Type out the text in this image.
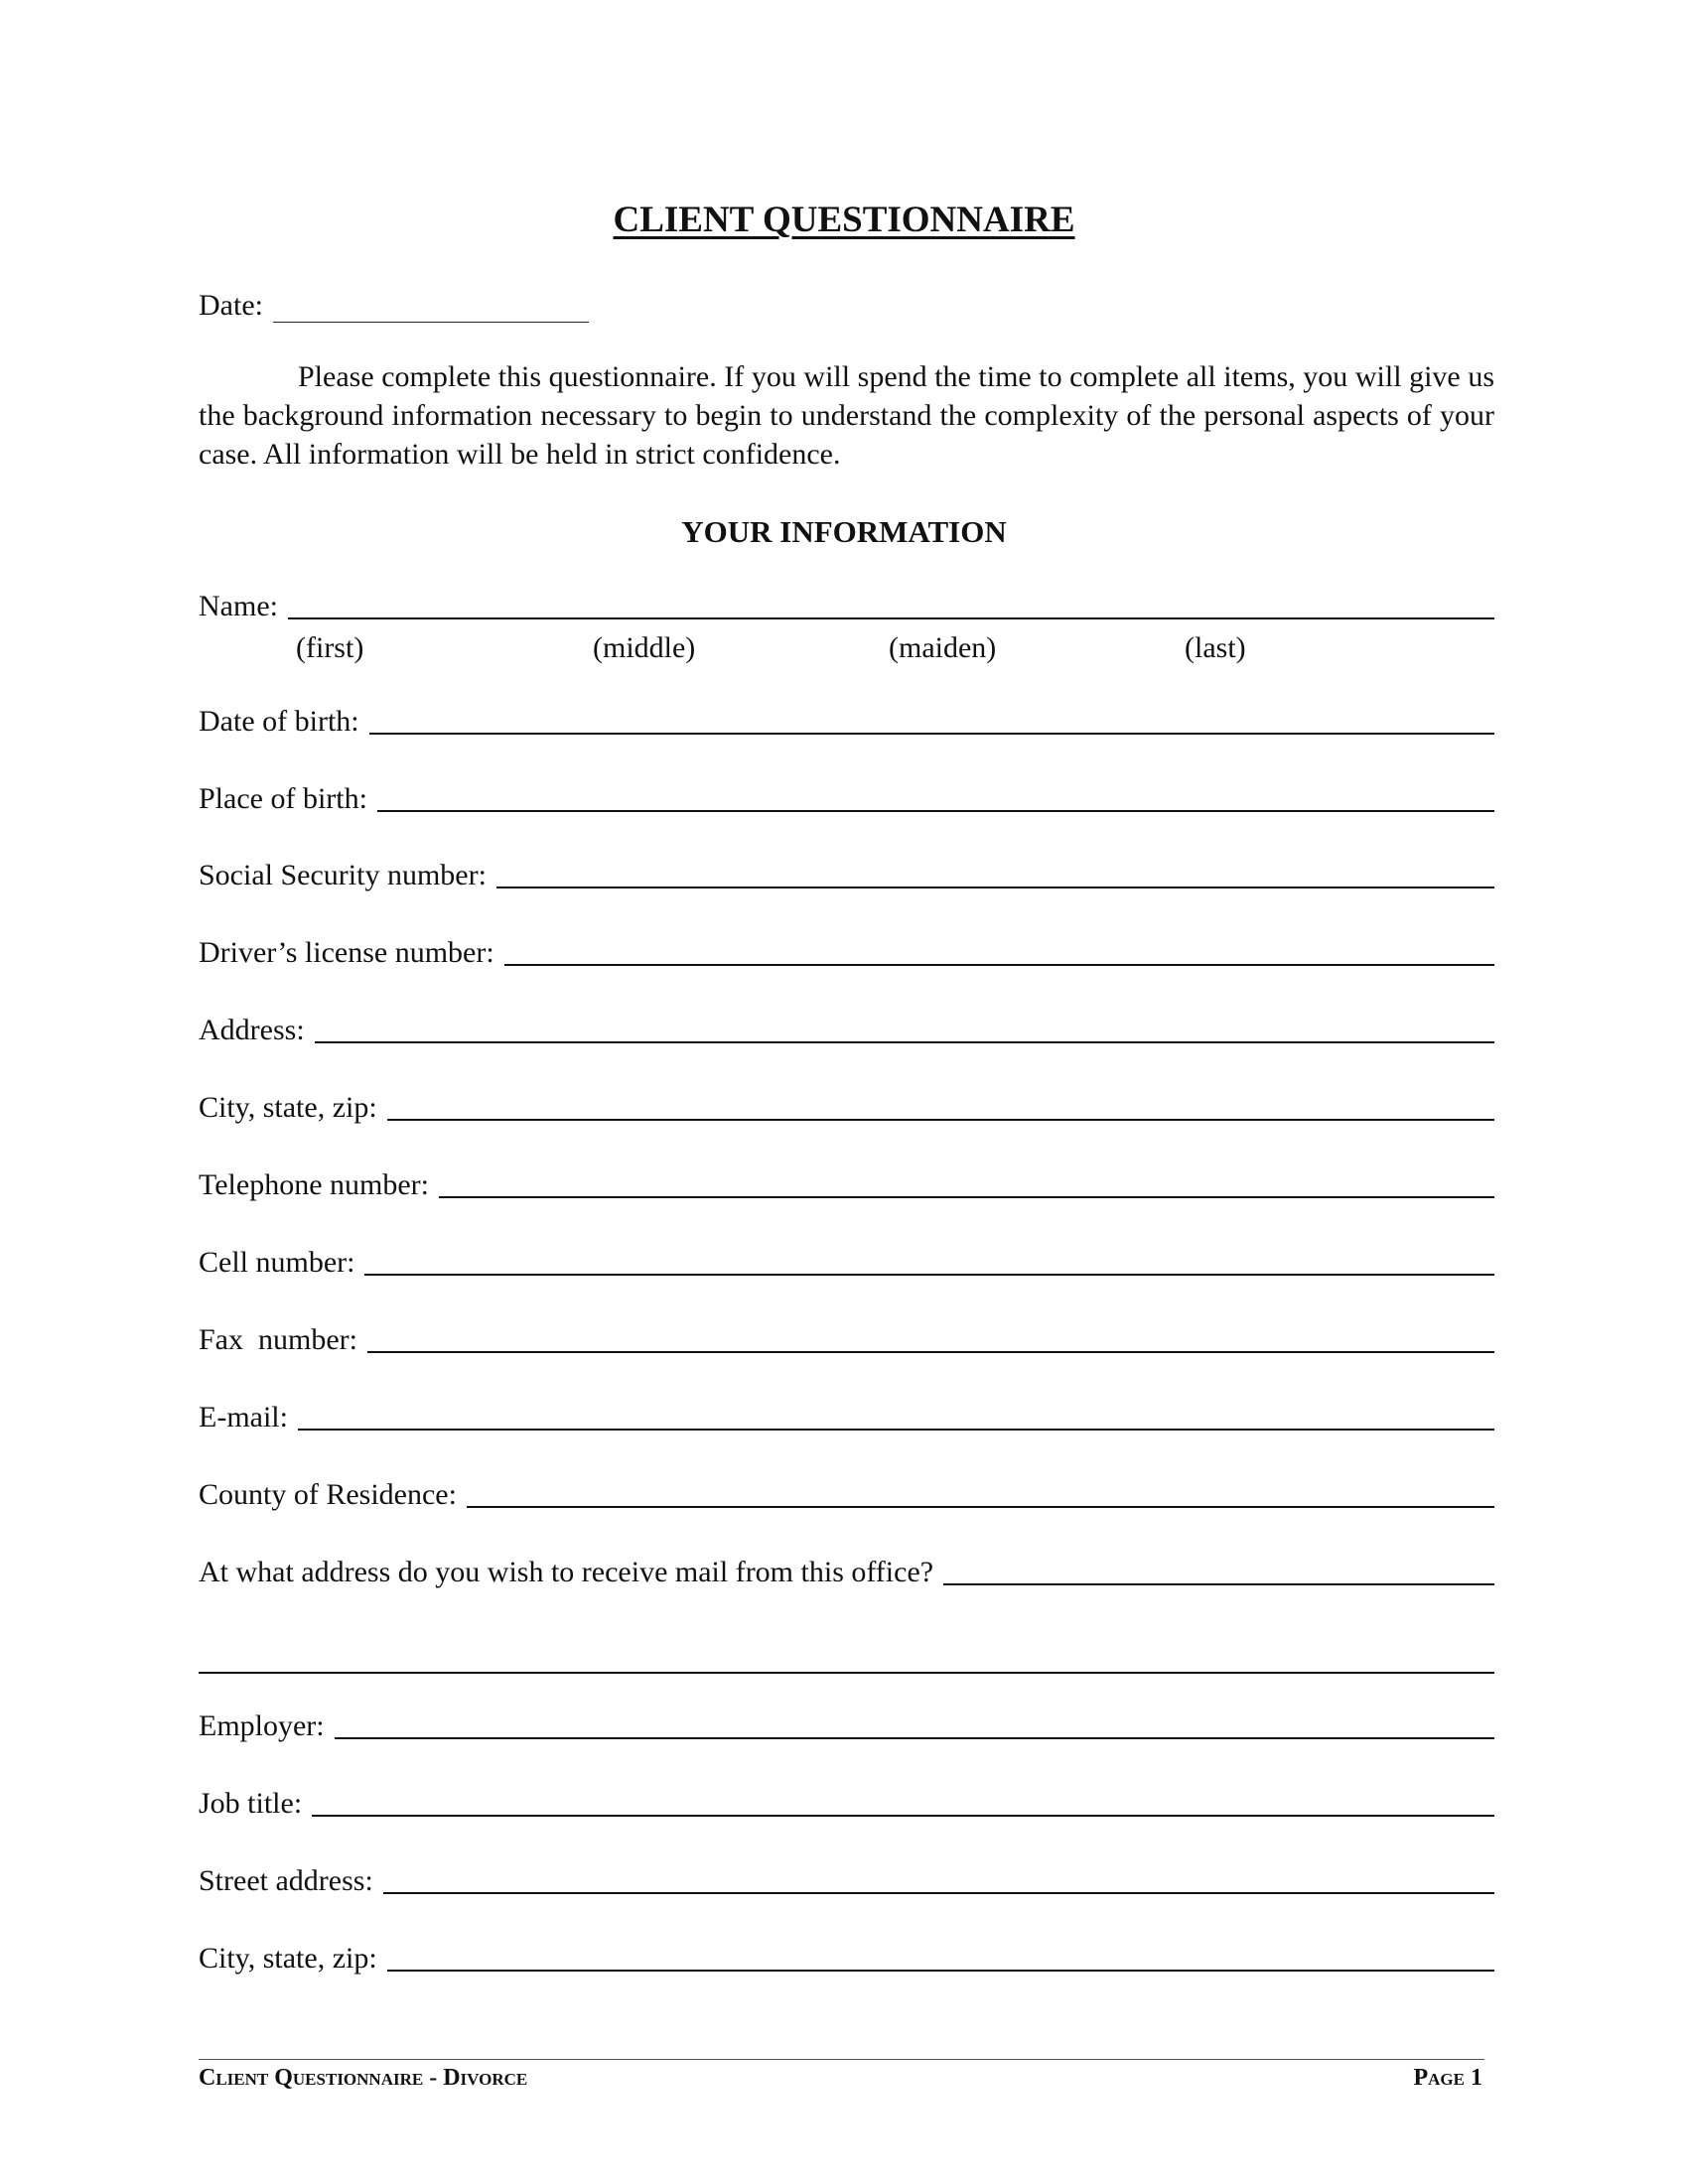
CLIENT QUESTIONNAIRE
Date:

Please complete this questionnaire. If you will spend the time to complete all items, you will give us the background information necessary to begin to understand the complexity of the personal aspects of your case. All information will be held in strict confidence.

YOUR INFORMATION
Name:
(first)	(middle)	(maiden)	(last)
Date of birth:
Place of birth:
Social Security number:
Driver’s license number:
Address:
City, state, zip:
Telephone number:
Cell number:
Fax  number:
E-mail:
County of Residence:
At what address do you wish to receive mail from this office?
Employer:
Job title:
Street address:
City, state, zip:
Client Questionnaire - Divorce	Page 1
